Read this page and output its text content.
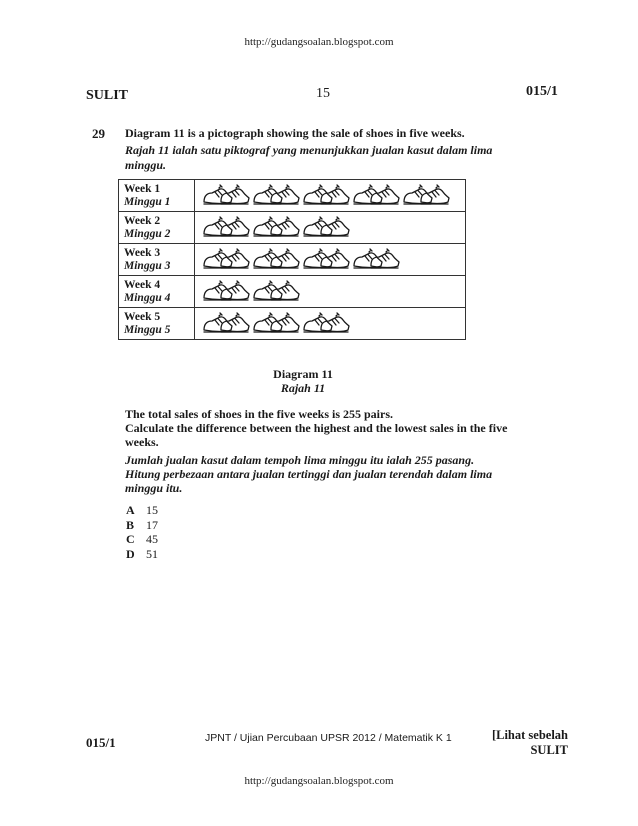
http://gudangsoalan.blogspot.com
SULIT	15	015/1
29 Diagram 11 is a pictograph showing the sale of shoes in five weeks.
Rajah 11 ialah satu piktograf yang menunjukkan jualan kasut dalam lima
minggu.
Week 1
Minggu 1

Week 2
Minggu 2

Week 3
Minggu 3

Week 4
Minggu 4

Week 5
Minggu 5

Diagram 11
Rajah 11
The total sales of shoes in the five weeks is 255 pairs.
Calculate the difference between the highest and the lowest sales in the five
weeks.
Jumlah jualan kasut dalam tempoh lima minggu itu ialah 255 pasang.
Hitung perbezaan antara jualan tertinggi dan jualan terendah dalam lima
minggu itu.
A 15
B 17
C 45
D 51
015/1	JPNT / Ujian Percubaan UPSR 2012 / Matematik K 1	[Lihat sebelah
SULIT
http://gudangsoalan.blogspot.com
